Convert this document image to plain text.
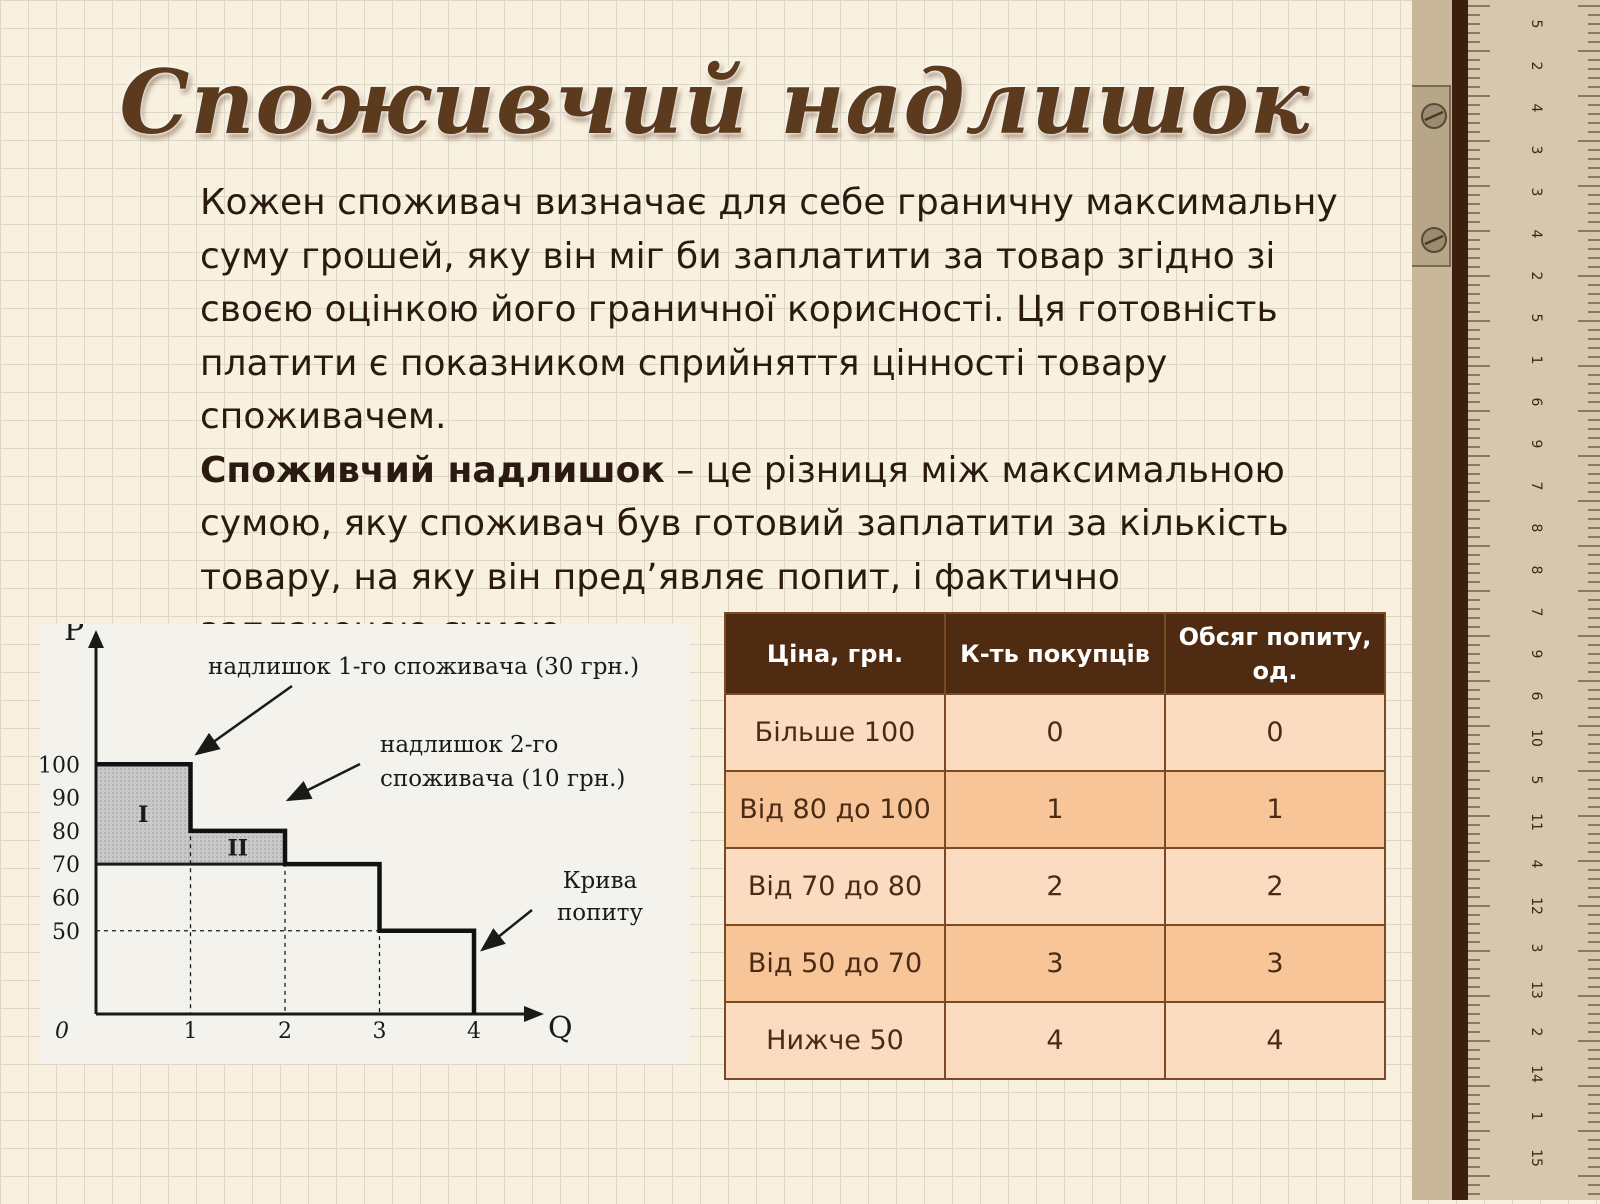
Споживчий надлишок

Кожен споживач визначає для себе граничну максимальну суму грошей, яку він міг би заплатити за товар згідно зі своєю оцінкою його граничної корисності. Ця готовність платити є показником сприйняття цінності товару споживачем.

Споживчий надлишок – це різниця між максимальною сумою, яку споживач був готовий заплатити за кількість товару, на яку він пред’являє попит, і фактично

P
Q
100
90
80
70
60
50
0	1	2	3	4
I
II
надлишок 1-го споживача (30 грн.)
надлишок 2-го
споживача (10 грн.)
Крива
попиту
Ціна, грн.	К-ть покупців	Обсяг попиту, од.
Більше 100	0	0
Від 80 до 100	1	1
Від 70 до 80	2	2
Від 50 до 70	3	3
Нижче 50	4	4
5
2
4
3
3
4
2
5
1
6
9
7
8
8
7
9
6
10
5
11
4
12
3
13
2
14
1
15
